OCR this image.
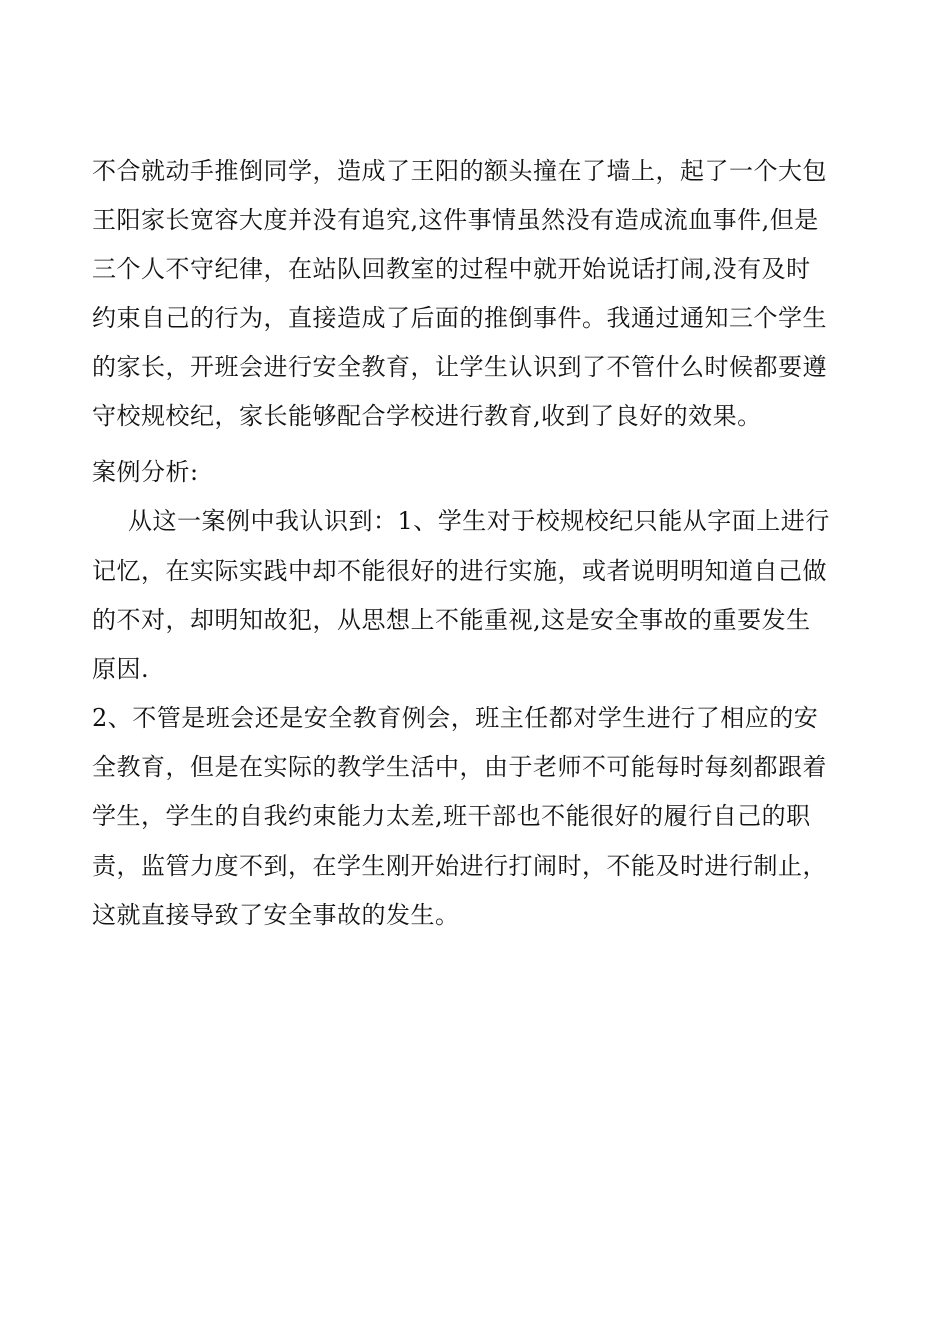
不合就动手推倒同学，造成了王阳的额头撞在了墙上，起了一个大包
王阳家长宽容大度并没有追究,这件事情虽然没有造成流血事件,但是
三个人不守纪律，在站队回教室的过程中就开始说话打闹,没有及时
约束自己的行为，直接造成了后面的推倒事件。我通过通知三个学生
的家长，开班会进行安全教育，让学生认识到了不管什么时候都要遵
守校规校纪，家长能够配合学校进行教育,收到了良好的效果。
案例分析:
从这一案例中我认识到：1、学生对于校规校纪只能从字面上进行
记忆，在实际实践中却不能很好的进行实施，或者说明明知道自己做
的不对，却明知故犯，从思想上不能重视,这是安全事故的重要发生
原因.
2、不管是班会还是安全教育例会，班主任都对学生进行了相应的安
全教育，但是在实际的教学生活中，由于老师不可能每时每刻都跟着
学生，学生的自我约束能力太差,班干部也不能很好的履行自己的职
责，监管力度不到，在学生刚开始进行打闹时，不能及时进行制止，
这就直接导致了安全事故的发生。
